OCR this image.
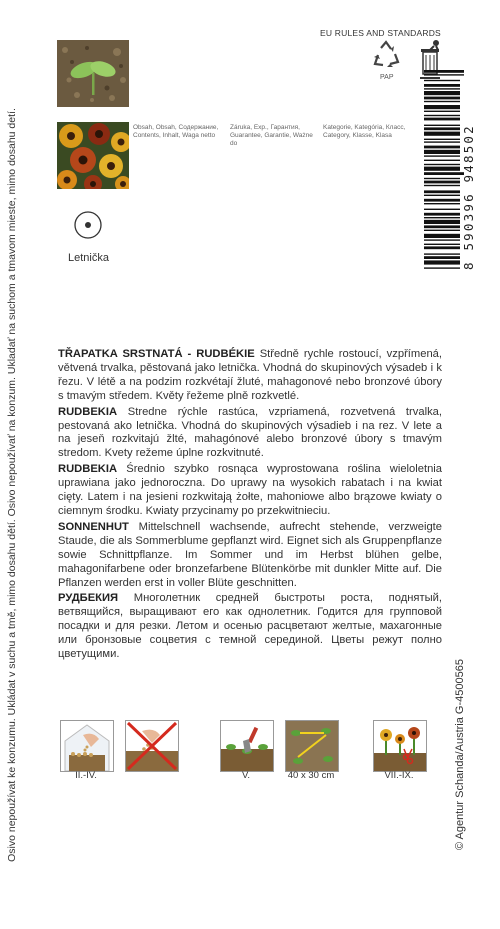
Osivo nepoužívat ke konzumu. Ukládat v suchu a tmě, mimo dosahu dětí. Osivo nepoužívať na konzum. Ukladať na suchom a tmavom mieste, mimo dosahu detí.	© Agentur Schanda/Austria G-4500565
Obsah, Obsah, Содержание, Contents, Inhalt, Waga netto
Záruka, Exp., Гарантия, Guarantee, Garantie, Ważne do
Kategorie, Kategória, Класс, Category, Klasse, Klasa
Letnička
EU RULES AND STANDARDS
PAP
8 590396 948502

TŘAPATKA SRSTNATÁ - RUDBÉKIE Středně rychle rostoucí, vzpřímená, větvená trvalka, pěstovaná jako letnička. Vhodná do skupinových výsadeb i k řezu. V létě a na podzim rozkvétají žluté, mahagonové nebo bronzové úbory s tmavým středem. Květy řežeme plně rozkvetlé.

RUDBEKIA Stredne rýchle rastúca, vzpriamená, rozvetvená trvalka, pestovaná ako letnička. Vhodná do skupinových výsadieb i na rez. V lete a na jeseň rozkvitajú žlté, mahagónové alebo bronzové úbory s tmavým stredom. Kvety režeme úplne rozkvitnuté.

RUDBEKIA Średnio szybko rosnąca wyprostowana roślina wieloletnia uprawiana jako jednoroczna. Do uprawy na wysokich rabatach i na kwiat cięty. Latem i na jesieni rozkwitają żołte, mahoniowe albo brązowe kwiaty o ciemnym środku. Kwiaty przycinamy po przekwitnieciu.

SONNENHUT Mittelschnell wachsende, aufrecht stehende, verzweigte Staude, die als Sommerblume gepflanzt wird. Eignet sich als Gruppenpflanze sowie Schnittpflanze. Im Sommer und im Herbst blühen gelbe, mahagonifarbene oder bronzefarbene Blütenkörbe mit dunkler Mitte auf. Die Pflanzen werden erst in voller Blüte geschnitten.

РУДБЕКИЯ Многолетник средней быстроты роста, поднятый, ветвящийся, выращивают его как однолетник. Годится для групповой посадки и для резки. Летом и осенью расцветают желтые, махагонные или бронзовые соцветия с темной серединой. Цветы режут полно цветущими.

II.-IV.	V.	40 x 30 cm	VII.-IX.
